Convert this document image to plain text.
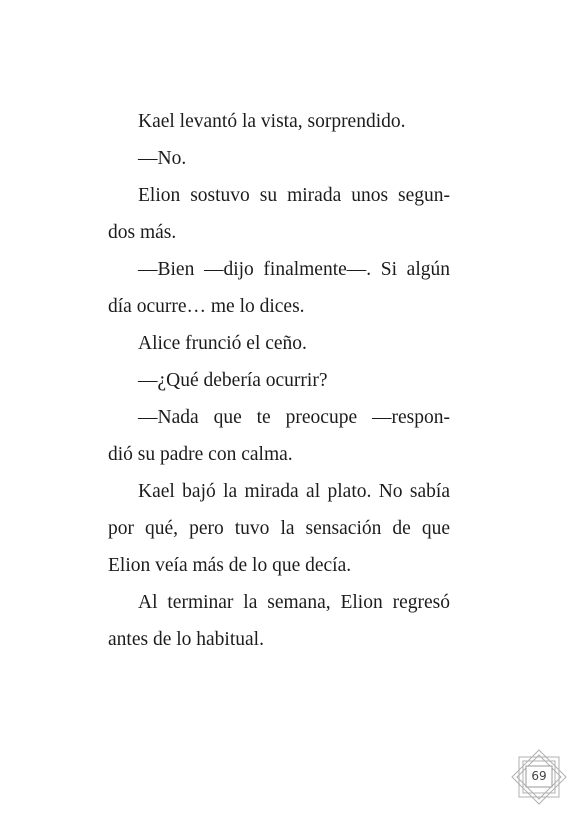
Kael levantó la vista, sorprendido.
—No.
Elion sostuvo su mirada unos segun-
dos más.
—Bien —dijo finalmente—. Si algún
día ocurre… me lo dices.
Alice frunció el ceño.
—¿Qué debería ocurrir?
—Nada que te preocupe —respon-
dió su padre con calma.
Kael bajó la mirada al plato. No sabía
por qué, pero tuvo la sensación de que
Elion veía más de lo que decía.
Al terminar la semana, Elion regresó
antes de lo habitual.
69
